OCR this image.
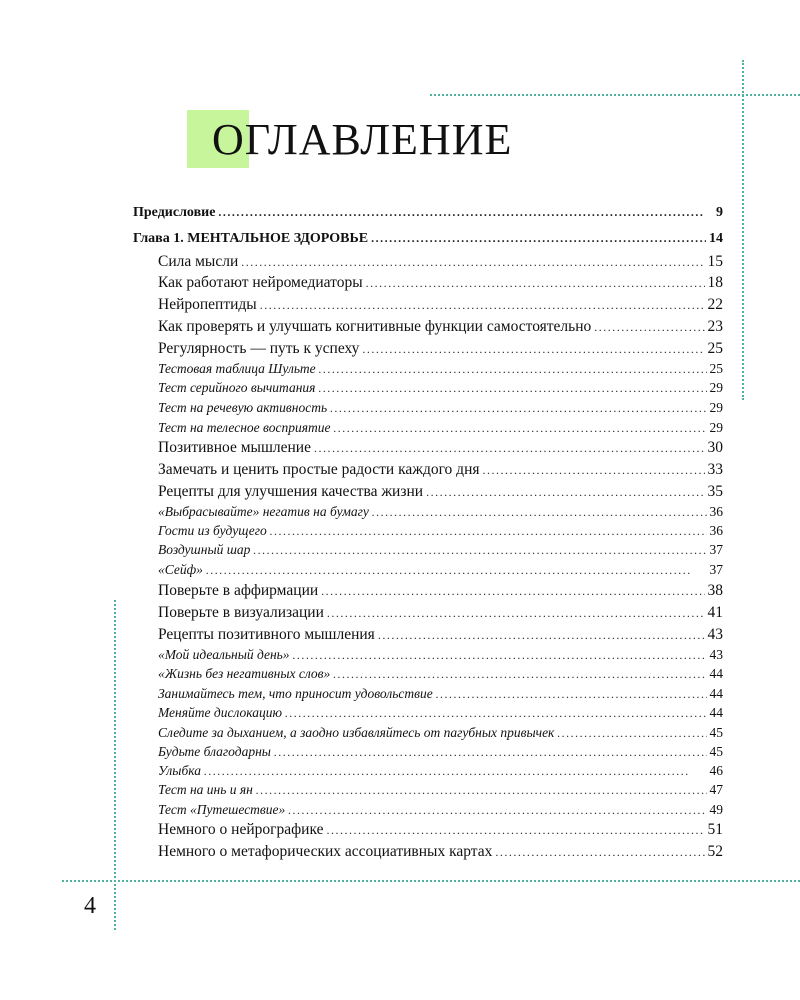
ОГЛАВЛЕНИЕ
Предисловие . . .	9
Глава 1. МЕНТАЛЬНОЕ ЗДОРОВЬЕ . . .	14
Сила мысли . . .	15
Как работают нейромедиаторы . . .	18
Нейропептиды . . .	22
Как проверять и улучшать когнитивные функции самостоятельно . . .	23
Регулярность — путь к успеху . . .	25
Тестовая таблица Шульте . . .	25
Тест серийного вычитания . . .	29
Тест на речевую активность . . .	29
Тест на телесное восприятие . . .	29
Позитивное мышление . . .	30
Замечать и ценить простые радости каждого дня . . .	33
Рецепты для улучшения качества жизни . . .	35
«Выбрасывайте» негатив на бумагу . . .	36
Гости из будущего . . .	36
Воздушный шар . . .	37
«Сейф» . . .	37
Поверьте в аффирмации . . .	38
Поверьте в визуализации . . .	41
Рецепты позитивного мышления . . .	43
«Мой идеальный день» . . .	43
«Жизнь без негативных слов» . . .	44
Занимайтесь тем, что приносит удовольствие . . .	44
Меняйте дислокацию . . .	44
Следите за дыханием, а заодно избавляйтесь от пагубных привычек . . .	45
Будьте благодарны . . .	45
Улыбка . . .	46
Тест на инь и ян . . .	47
Тест «Путешествие» . . .	49
Немного о нейрографике . . .	51
Немного о метафорических ассоциативных картах . . .	52
4
